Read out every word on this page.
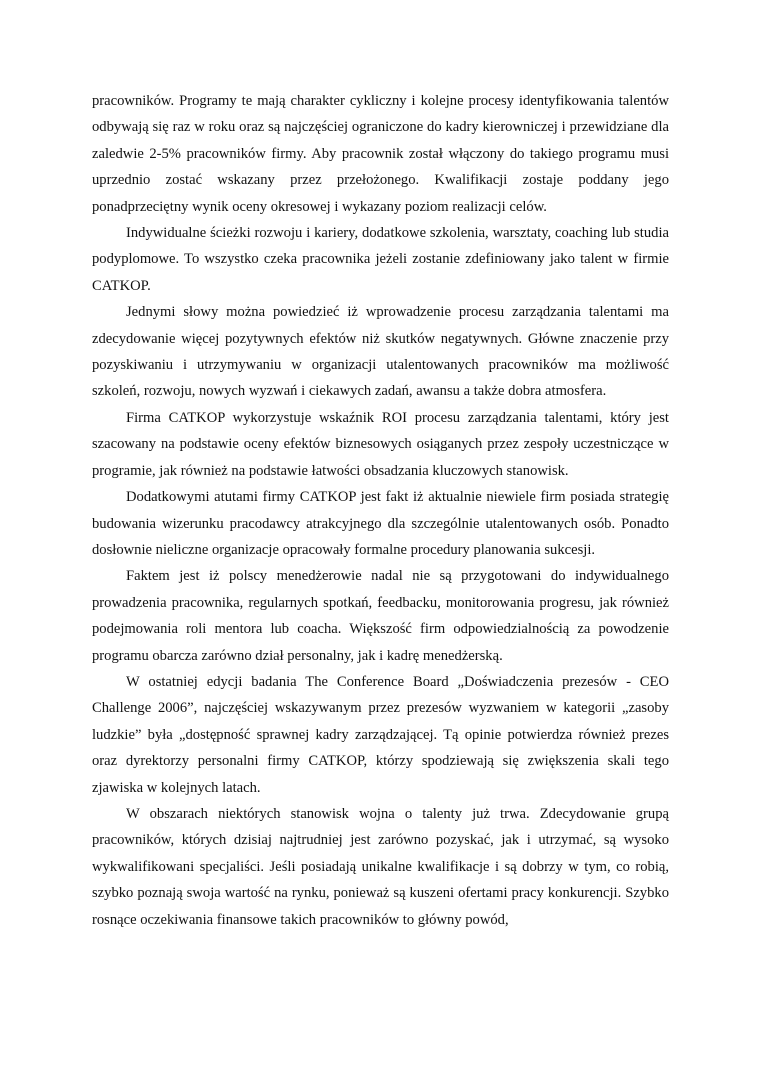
pracowników. Programy te mają charakter cykliczny i kolejne procesy identyfikowania talentów odbywają się raz w roku oraz są najczęściej ograniczone do kadry kierowniczej i przewidziane dla zaledwie 2-5% pracowników firmy. Aby pracownik został włączony do takiego programu musi uprzednio zostać wskazany przez przełożonego. Kwalifikacji zostaje poddany jego ponadprzeciętny wynik oceny okresowej i wykazany poziom realizacji celów.

Indywidualne ścieżki rozwoju i kariery, dodatkowe szkolenia, warsztaty, coaching lub studia podyplomowe. To wszystko czeka pracownika jeżeli zostanie zdefiniowany jako talent w firmie CATKOP.

Jednymi słowy można powiedzieć iż wprowadzenie procesu zarządzania talentami ma zdecydowanie więcej pozytywnych efektów niż skutków negatywnych. Główne znaczenie przy pozyskiwaniu i utrzymywaniu w organizacji utalentowanych pracowników ma możliwość szkoleń, rozwoju, nowych wyzwań i ciekawych zadań, awansu a także dobra atmosfera.

Firma CATKOP wykorzystuje wskaźnik ROI procesu zarządzania talentami, który jest szacowany na podstawie oceny efektów biznesowych osiąganych przez zespoły uczestniczące w programie, jak również na podstawie łatwości obsadzania kluczowych stanowisk.

Dodatkowymi atutami firmy CATKOP jest fakt iż aktualnie niewiele firm posiada strategię budowania wizerunku pracodawcy atrakcyjnego dla szczególnie utalentowanych osób. Ponadto dosłownie nieliczne organizacje opracowały formalne procedury planowania sukcesji.

Faktem jest iż polscy menedżerowie nadal nie są przygotowani do indywidualnego prowadzenia pracownika, regularnych spotkań, feedbacku, monitorowania progresu, jak również podejmowania roli mentora lub coacha. Większość firm odpowiedzialnością za powodzenie programu obarcza zarówno dział personalny, jak i kadrę menedżerską.

W ostatniej edycji badania The Conference Board „Doświadczenia prezesów - CEO Challenge 2006”, najczęściej wskazywanym przez prezesów wyzwaniem w kategorii „zasoby ludzkie” była „dostępność sprawnej kadry zarządzającej. Tą opinie potwierdza również prezes oraz dyrektorzy personalni firmy CATKOP, którzy spodziewają się zwiększenia skali tego zjawiska w kolejnych latach.

W obszarach niektórych stanowisk wojna o talenty już trwa. Zdecydowanie grupą pracowników, których dzisiaj najtrudniej jest zarówno pozyskać, jak i utrzymać, są wysoko wykwalifikowani specjaliści. Jeśli posiadają unikalne kwalifikacje i są dobrzy w tym, co robią, szybko poznają swoja wartość na rynku, ponieważ są kuszeni ofertami pracy konkurencji. Szybko rosnące oczekiwania finansowe takich pracowników to główny powód,
